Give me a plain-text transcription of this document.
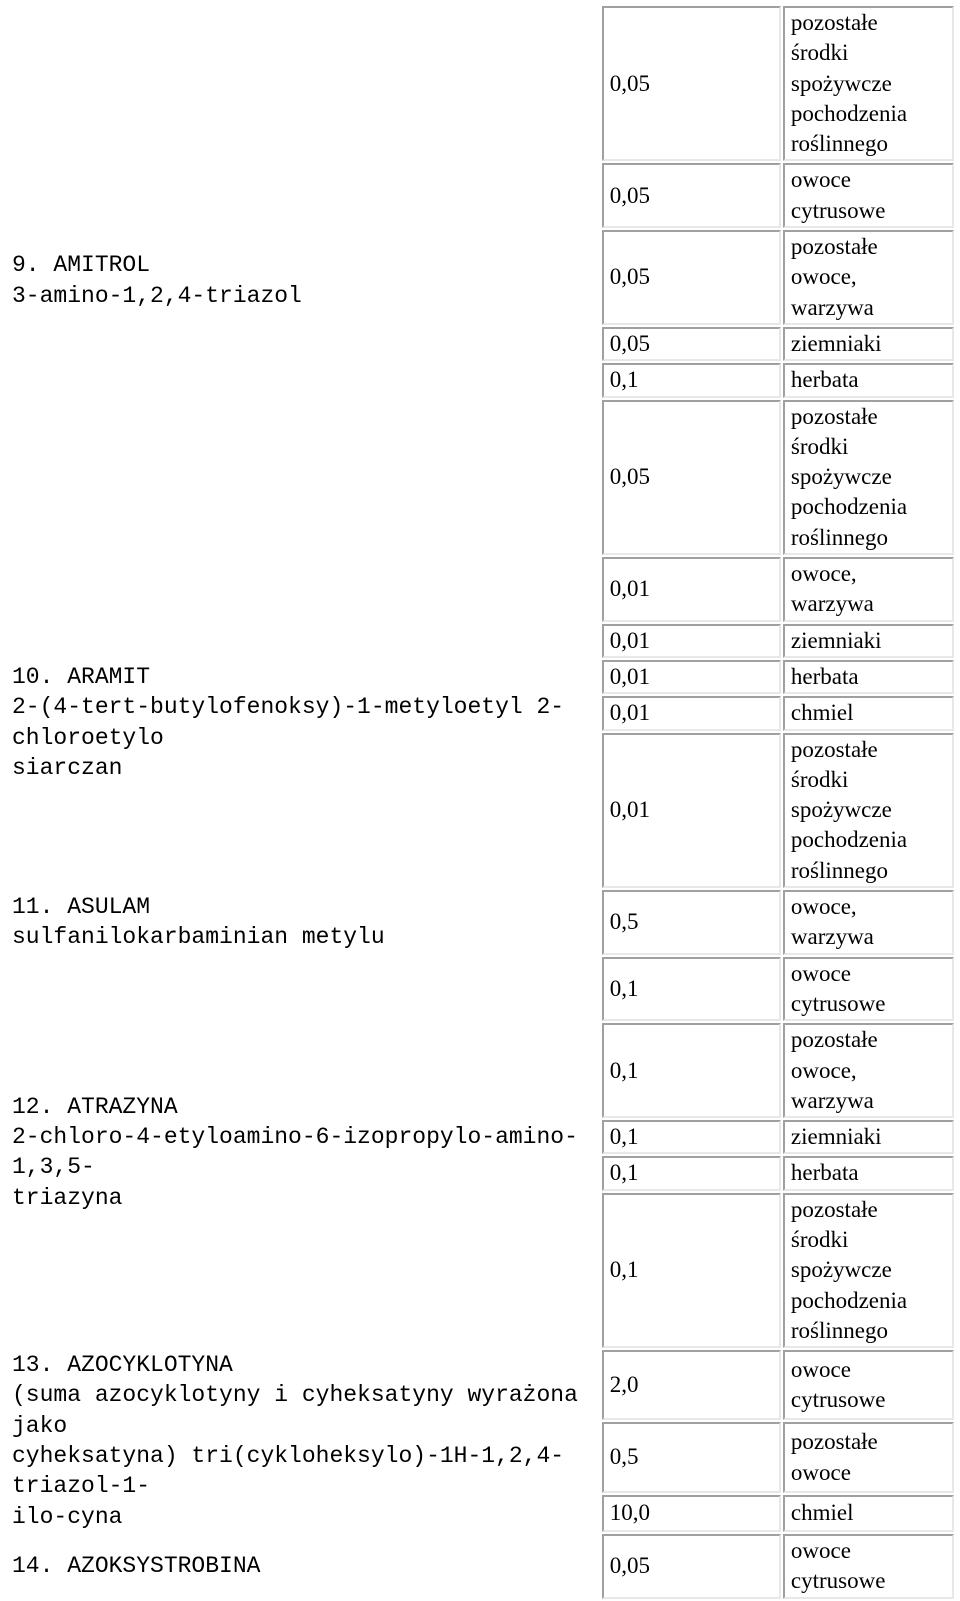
9. AMITROL
3-amino-1,2,4-triazol	0,05	pozostałe
środki
spożywcze
pochodzenia
roślinnego

	0,05	owoce
cytrusowe

	0,05	pozostałe
owoce,
warzywa

	0,05	ziemniaki

	0,1	herbata

	0,05	pozostałe
środki
spożywcze
pochodzenia
roślinnego

10. ARAMIT
2-(4-tert-butylofenoksy)-1-metyloetyl 2-chloroetylo
siarczan	0,01	owoce,
warzywa

	0,01	ziemniaki

	0,01	herbata

	0,01	chmiel

	0,01	pozostałe
środki
spożywcze
pochodzenia
roślinnego

11. ASULAM
sulfanilokarbaminian metylu	0,5	owoce,
warzywa

12. ATRAZYNA
2-chloro-4-etyloamino-6-izopropylo-amino-1,3,5-
triazyna	0,1	owoce
cytrusowe

	0,1	pozostałe
owoce,
warzywa

	0,1	ziemniaki

	0,1	herbata

	0,1	pozostałe
środki
spożywcze
pochodzenia
roślinnego

13. AZOCYKLOTYNA
(suma azocyklotyny i cyheksatyny wyrażona jako
cyheksatyna) tri(cykloheksylo)-1H-1,2,4-triazol-1-
ilo-cyna	2,0	owoce
cytrusowe

	0,5	pozostałe
owoce

	10,0	chmiel

14. AZOKSYSTROBINA	0,05	owoce
cytrusowe
